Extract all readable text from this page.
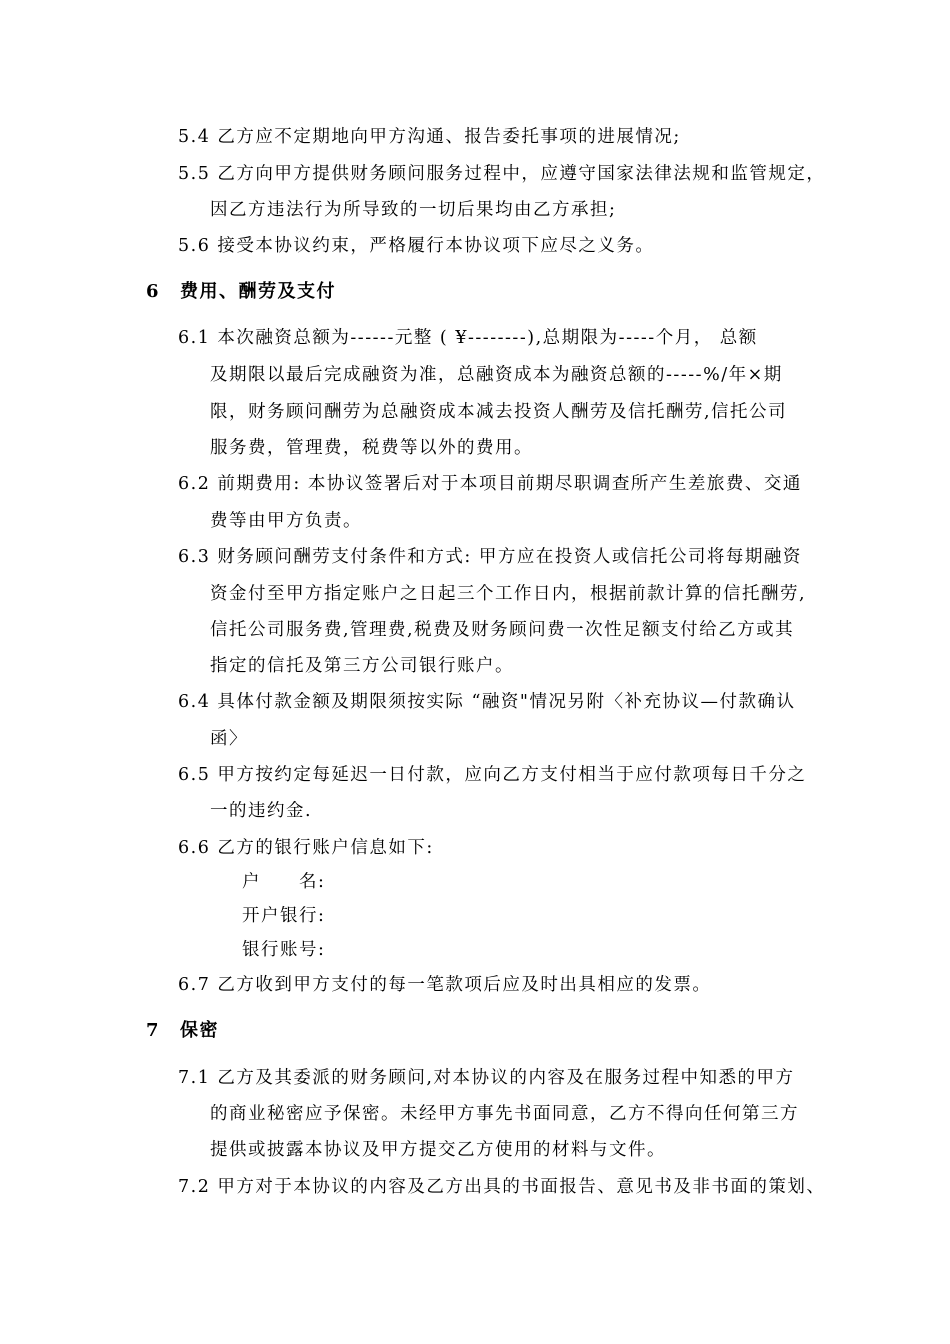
5.4 乙方应不定期地向甲方沟通、报告委托事项的进展情况;
5.5 乙方向甲方提供财务顾问服务过程中，应遵守国家法律法规和监管规定，
因乙方违法行为所导致的一切后果均由乙方承担;
5.6 接受本协议约束，严格履行本协议项下应尽之义务。
6 费用、酬劳及支付
6.1 本次融资总额为------元整 ( ¥--------),总期限为-----个月， 总额
及期限以最后完成融资为准，总融资成本为融资总额的-----%/年×期
限，财务顾问酬劳为总融资成本减去投资人酬劳及信托酬劳,信托公司
服务费，管理费，税费等以外的费用。
6.2 前期费用: 本协议签署后对于本项目前期尽职调查所产生差旅费、交通
费等由甲方负责。
6.3 财务顾问酬劳支付条件和方式: 甲方应在投资人或信托公司将每期融资
资金付至甲方指定账户之日起三个工作日内，根据前款计算的信托酬劳,
信托公司服务费,管理费,税费及财务顾问费一次性足额支付给乙方或其
指定的信托及第三方公司银行账户。
6.4 具体付款金额及期限须按实际 “融资"情况另附〈补充协议—付款确认
函〉
6.5 甲方按约定每延迟一日付款，应向乙方支付相当于应付款项每日千分之
一的违约金.
6.6 乙方的银行账户信息如下:
户　　名:
开户银行:
银行账号:
6.7 乙方收到甲方支付的每一笔款项后应及时出具相应的发票。
7 保密
7.1 乙方及其委派的财务顾问,对本协议的内容及在服务过程中知悉的甲方
的商业秘密应予保密。未经甲方事先书面同意，乙方不得向任何第三方
提供或披露本协议及甲方提交乙方使用的材料与文件。
7.2 甲方对于本协议的内容及乙方出具的书面报告、意见书及非书面的策划、
